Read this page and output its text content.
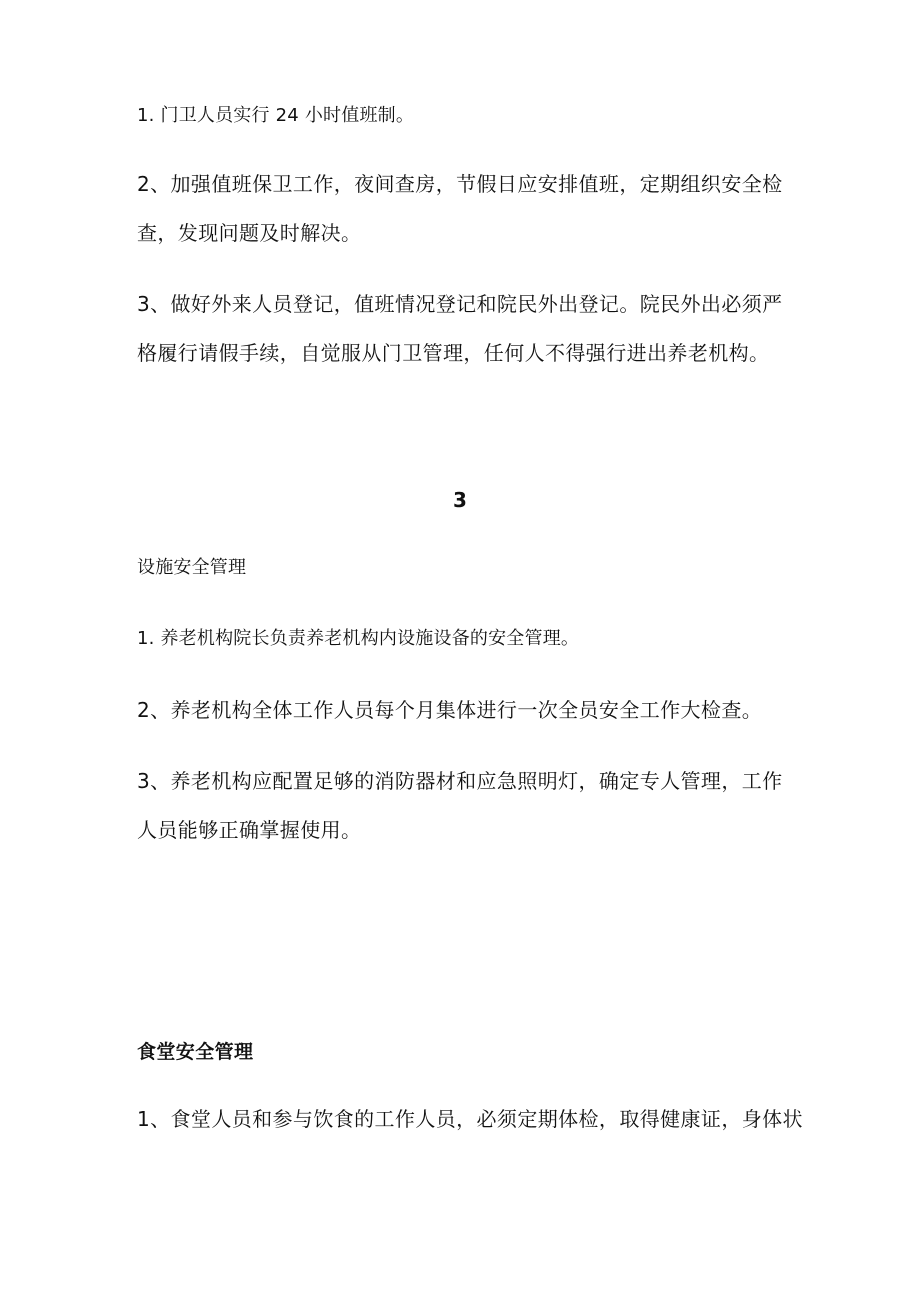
1. 门卫人员实行 24 小时值班制。
2、加强值班保卫工作，夜间查房，节假日应安排值班，定期组织安全检
查，发现问题及时解决。
3、做好外来人员登记，值班情况登记和院民外出登记。院民外出必须严
格履行请假手续，自觉服从门卫管理，任何人不得强行进出养老机构。
3
设施安全管理
1. 养老机构院长负责养老机构内设施设备的安全管理。
2、养老机构全体工作人员每个月集体进行一次全员安全工作大检查。
3、养老机构应配置足够的消防器材和应急照明灯，确定专人管理，工作
人员能够正确掌握使用。
食堂安全管理
1、食堂人员和参与饮食的工作人员，必须定期体检，取得健康证，身体状
